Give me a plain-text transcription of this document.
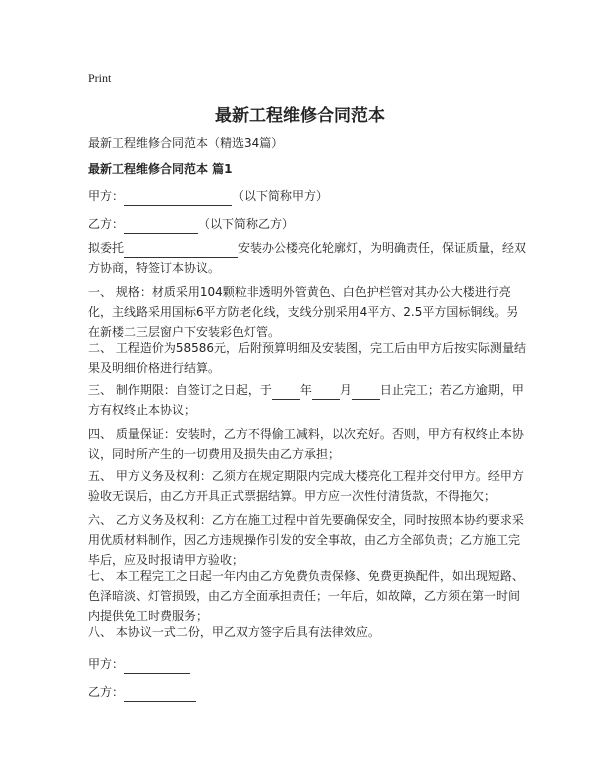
Print
最新工程维修合同范本
最新工程维修合同范本（精选34篇）
最新工程维修合同范本 篇1
甲方：	（以下简称甲方）
乙方：	（以下简称乙方）
拟委托	安装办公楼亮化轮廓灯，为明确责任，保证质量，经双方协商，特签订本协议。
一、 规格：材质采用104颗粒非透明外管黄色、白色护栏管对其办公大楼进行亮化，主线路采用国标6平方防老化线，支线分别采用4平方、2.5平方国标铜线。另在新楼二三层窗户下安装彩色灯管。
二、 工程造价为58586元，后附预算明细及安装图，完工后由甲方后按实际测量结果及明细价格进行结算。
三、 制作期限：自签订之日起，于 年 月 日止完工；若乙方逾期，甲方有权终止本协议；
四、 质量保证：安装时，乙方不得偷工减料，以次充好。否则，甲方有权终止本协议，同时所产生的一切费用及损失由乙方承担；
五、 甲方义务及权利：乙须方在规定期限内完成大楼亮化工程并交付甲方。经甲方验收无误后，由乙方开具正式票据结算。甲方应一次性付清货款，不得拖欠；
六、 乙方义务及权利：乙方在施工过程中首先要确保安全，同时按照本协约要求采用优质材料制作，因乙方违规操作引发的安全事故，由乙方全部负责；乙方施工完毕后，应及时报请甲方验收；
七、 本工程完工之日起一年内由乙方免费负责保修、免费更换配件，如出现短路、色泽暗淡、灯管损毁，由乙方全面承担责任；一年后，如故障，乙方须在第一时间内提供免工时费服务；
八、 本协议一式二份，甲乙双方签字后具有法律效应。
甲方：
乙方：
